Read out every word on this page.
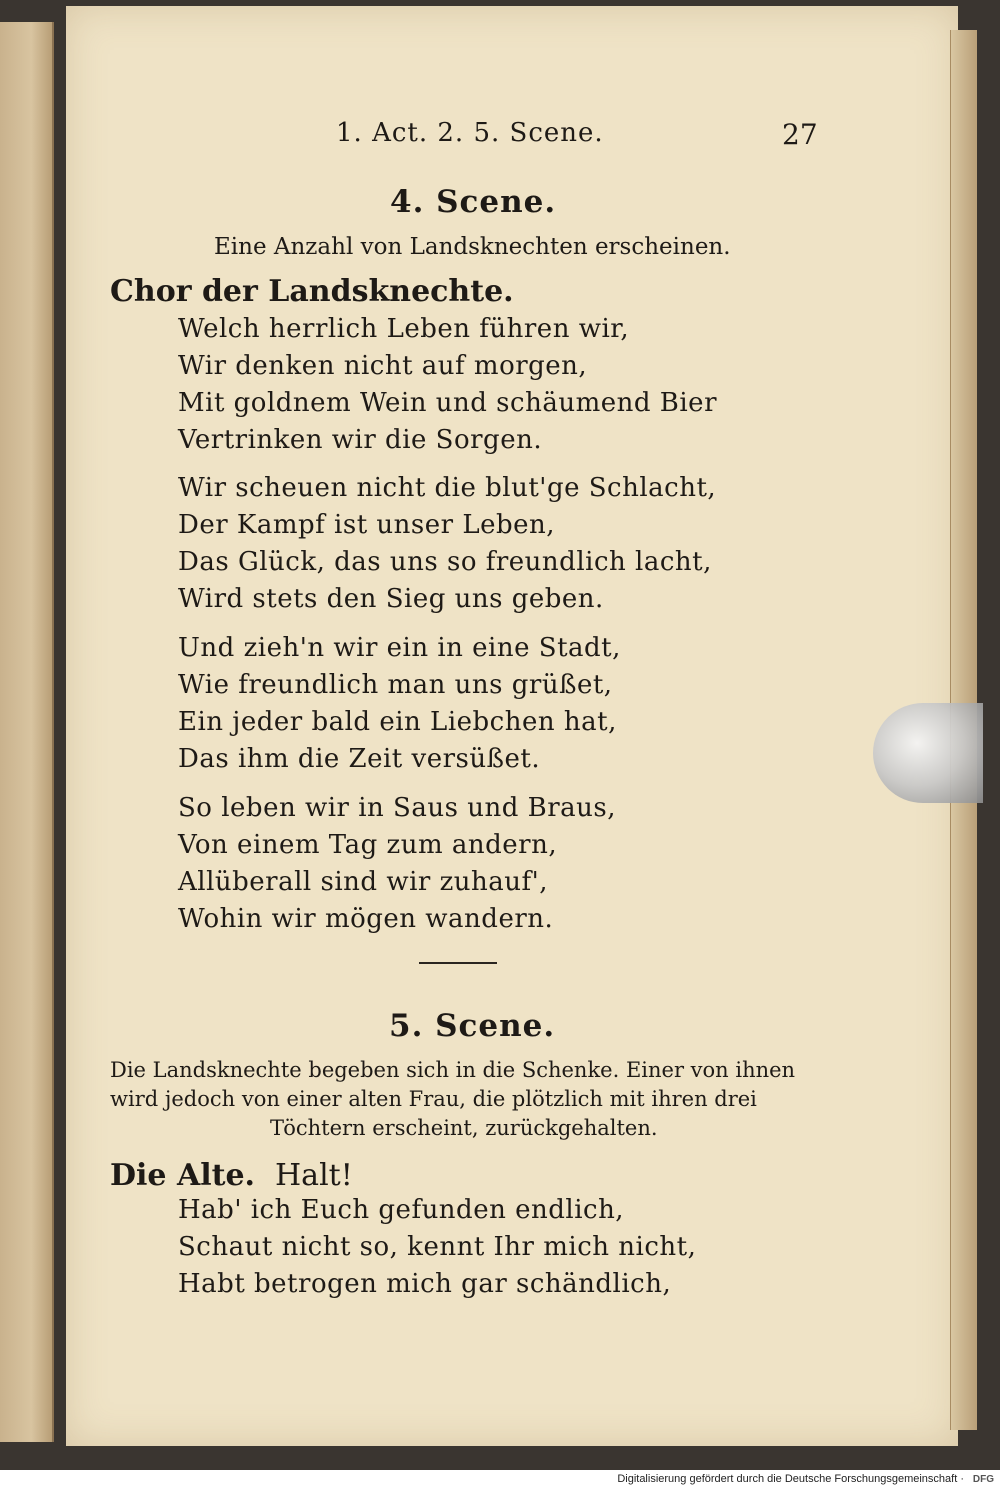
1. Act. 2. 5. Scene.	27
4. Scene.
Eine Anzahl von Landsknechten erscheinen.
Chor der Landsknechte.
Welch herrlich Leben führen wir,
Wir denken nicht auf morgen,
Mit goldnem Wein und schäumend Bier
Vertrinken wir die Sorgen.
Wir scheuen nicht die blut'ge Schlacht,
Der Kampf ist unser Leben,
Das Glück, das uns so freundlich lacht,
Wird stets den Sieg uns geben.
Und zieh'n wir ein in eine Stadt,
Wie freundlich man uns grüßet,
Ein jeder bald ein Liebchen hat,
Das ihm die Zeit versüßet.
So leben wir in Saus und Braus,
Von einem Tag zum andern,
Allüberall sind wir zuhauf',
Wohin wir mögen wandern.
5. Scene.
Die Landsknechte begeben sich in die Schenke. Einer von ihnen
wird jedoch von einer alten Frau, die plötzlich mit ihren drei
Töchtern erscheint, zurückgehalten.
Die Alte. Halt!
Hab' ich Euch gefunden endlich,
Schaut nicht so, kennt Ihr mich nicht,
Habt betrogen mich gar schändlich,
Digitalisierung gefördert durch die Deutsche Forschungsgemeinschaft · DFG
